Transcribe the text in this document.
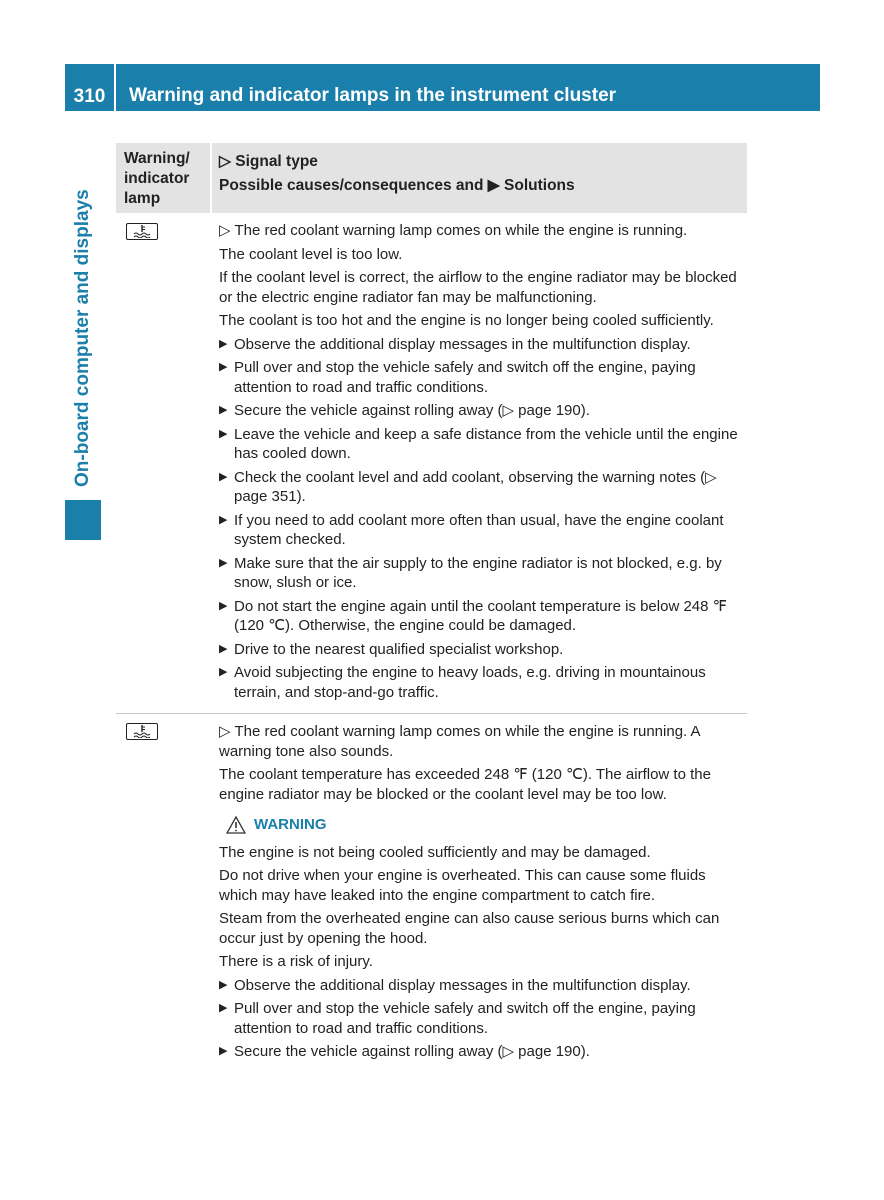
310	Warning and indicator lamps in the instrument cluster
On-board computer and displays
Warning/ indicator lamp
▷ Signal type
Possible causes/consequences and ▶ Solutions

▷ The red coolant warning lamp comes on while the engine is running.

The coolant level is too low.

If the coolant level is correct, the airflow to the engine radiator may be blocked or the electric engine radiator fan may be malfunctioning.

The coolant is too hot and the engine is no longer being cooled sufficiently.

▶ Observe the additional display messages in the multifunction display.
▶ Pull over and stop the vehicle safely and switch off the engine, paying attention to road and traffic conditions.
▶ Secure the vehicle against rolling away (▷ page 190).
▶ Leave the vehicle and keep a safe distance from the vehicle until the engine has cooled down.
▶ Check the coolant level and add coolant, observing the warning notes (▷ page 351).
▶ If you need to add coolant more often than usual, have the engine coolant system checked.
▶ Make sure that the air supply to the engine radiator is not blocked, e.g. by snow, slush or ice.
▶ Do not start the engine again until the coolant temperature is below 248 ℉ (120 ℃). Otherwise, the engine could be damaged.
▶ Drive to the nearest qualified specialist workshop.
▶ Avoid subjecting the engine to heavy loads, e.g. driving in mountainous terrain, and stop-and-go traffic.

▷ The red coolant warning lamp comes on while the engine is running. A warning tone also sounds.

The coolant temperature has exceeded 248 ℉ (120 ℃). The airflow to the engine radiator may be blocked or the coolant level may be too low.

WARNING

The engine is not being cooled sufficiently and may be damaged.

Do not drive when your engine is overheated. This can cause some fluids which may have leaked into the engine compartment to catch fire.

Steam from the overheated engine can also cause serious burns which can occur just by opening the hood.

There is a risk of injury.

▶ Observe the additional display messages in the multifunction display.
▶ Pull over and stop the vehicle safely and switch off the engine, paying attention to road and traffic conditions.
▶ Secure the vehicle against rolling away (▷ page 190).
